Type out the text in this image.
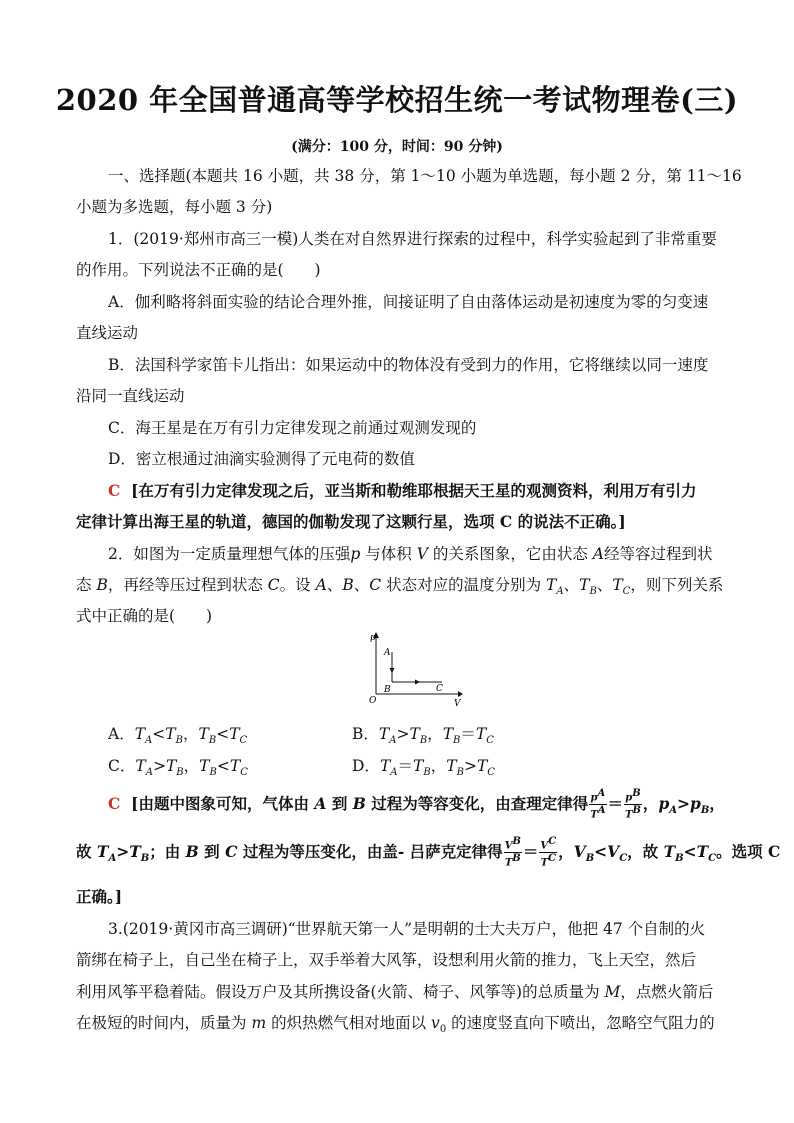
2020 年全国普通高等学校招生统一考试物理卷(三)
(满分：100 分，时间：90 分钟)
一、选择题(本题共 16 小题，共 38 分，第 1～10 小题为单选题，每小题 2 分，第 11～16
小题为多选题，每小题 3 分)
1．(2019·郑州市高三一模)人类在对自然界进行探索的过程中，科学实验起到了非常重要
的作用。下列说法不正确的是(　　)
A．伽利略将斜面实验的结论合理外推，间接证明了自由落体运动是初速度为零的匀变速
直线运动
B．法国科学家笛卡儿指出：如果运动中的物体没有受到力的作用，它将继续以同一速度
沿同一直线运动
C．海王星是在万有引力定律发现之前通过观测发现的
D．密立根通过油滴实验测得了元电荷的数值
C [在万有引力定律发现之后，亚当斯和勒维耶根据天王星的观测资料，利用万有引力
定律计算出海王星的轨道，德国的伽勒发现了这颗行星，选项 C 的说法不正确。]
2．如图为一定质量理想气体的压强p 与体积 V 的关系图象，它由状态 A经等容过程到状
态 B，再经等压过程到状态 C。设 A、B、C 状态对应的温度分别为 $T_A$、$T_B$、$T_C$，则下列关系
式中正确的是(　　)
p
V
O
A
B	C
A．$T_A<T_B$，$T_B<T_C$	B．$T_A>T_B$，$T_B=T_C$
C．$T_A>T_B$，$T_B<T_C$	D．$T_A=T_B$，$T_B>T_C$
C [由题中图象可知，气体由 A 到 B 过程为等容变化，由查理定律得 $\frac{p^A}{T^A} = \frac{p^B}{T^B}$ ，$p_A>p_B$，
故 $T_A>T_B$；由 B 到 C 过程为等压变化，由盖- 吕萨克定律得 $\frac{V^B}{T^B} = \frac{V^C}{T^C}$ ，$V_B<V_C$，故 $T_B<T_C$。选项 C
正确。]
3.(2019·黄冈市高三调研)“世界航天第一人”是明朝的士大夫万户，他把 47 个自制的火
箭绑在椅子上，自己坐在椅子上，双手举着大风筝，设想利用火箭的推力，飞上天空，然后
利用风筝平稳着陆。假设万户及其所携设备(火箭、椅子、风筝等)的总质量为 M，点燃火箭后
在极短的时间内，质量为 m 的炽热燃气相对地面以 $v_0$ 的速度竖直向下喷出，忽略空气阻力的
